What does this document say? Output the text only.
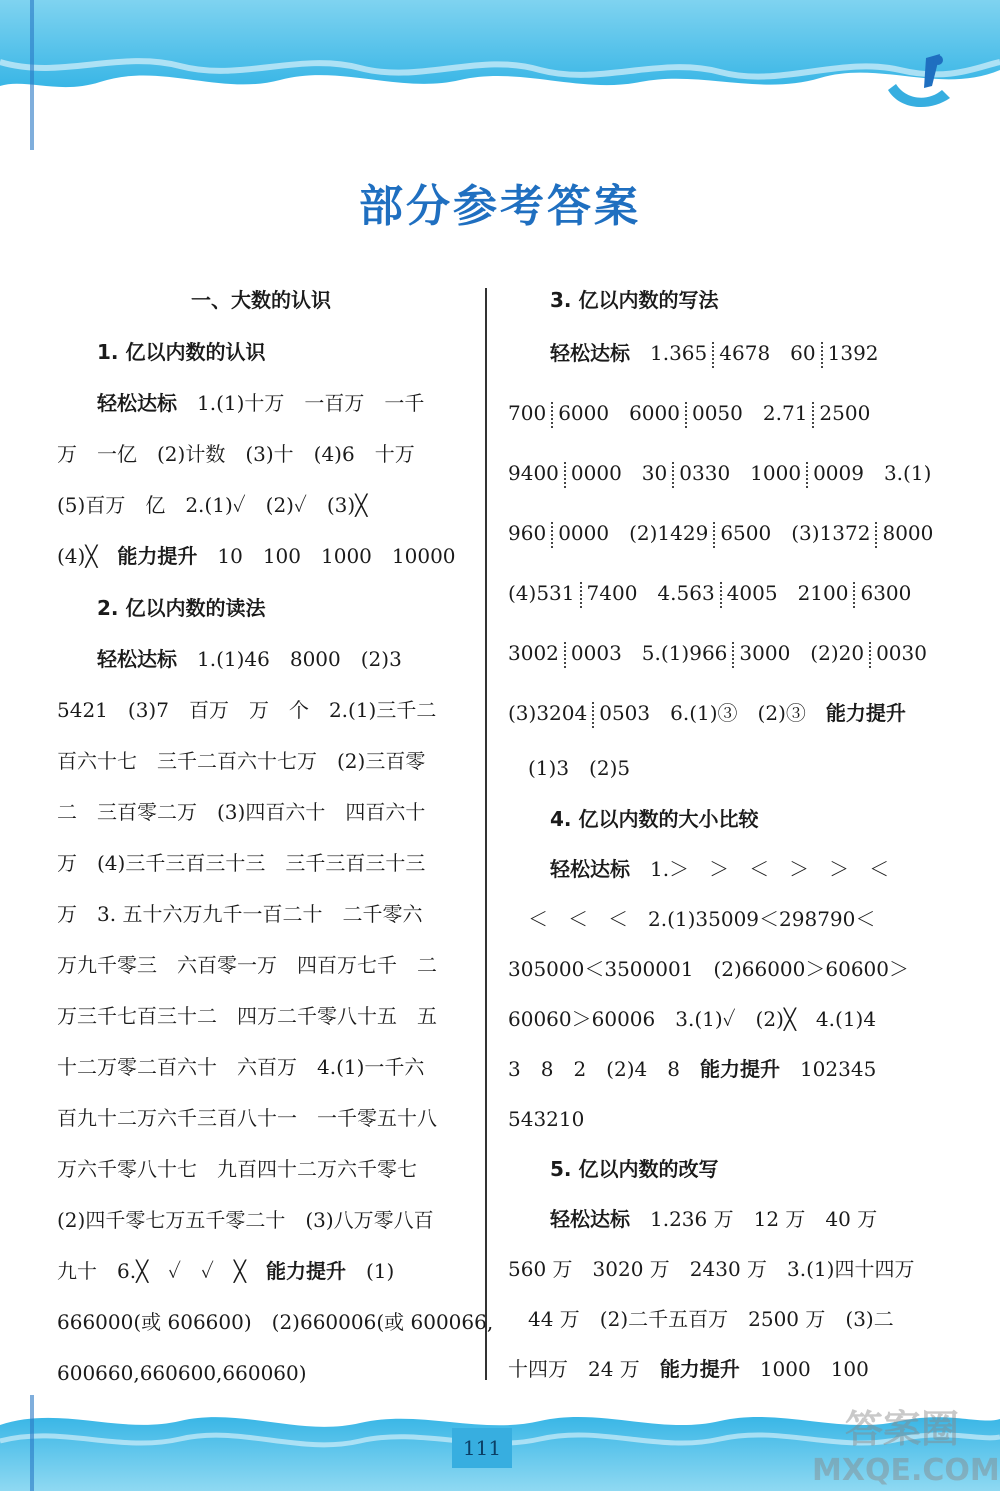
部分参考答案
一、大数的认识
1. 亿以内数的认识
轻松达标　 1.(1)十万　一百万　一千
万　一亿　(2)计数　(3)十　(4)6　十万
(5)百万　亿　2.(1)✓　(2)✓　(3)╳
(4)╳　 能力提升　 10　100　1000　10000
2. 亿以内数的读法
轻松达标　 1.(1)46　8000　(2)3
5421　(3)7　百万　万　个　2.(1)三千二
百六十七　三千二百六十七万　(2)三百零
二　三百零二万　(3)四百六十　四百六十
万　(4)三千三百三十三　三千三百三十三
万　3. 五十六万九千一百二十　二千零六
万九千零三　六百零一万　四百万七千　二
万三千七百三十二　四万二千零八十五　五
十二万零二百六十　六百万　4.(1)一千六
百九十二万六千三百八十一　一千零五十八
万六千零八十七　九百四十二万六千零七
(2)四千零七万五千零二十　(3)八万零八百
九十　6.╳　✓　✓　╳　 能力提升　 (1)
666000(或 606600)　(2)660006(或 600066,
600660,660600,660060)
3. 亿以内数的写法
轻松达标　 1.365 4678　60 1392
700 6000　6000 0050　2.71 2500
9400 0000　30 0330　1000 0009　3.(1)
960 0000　(2)1429 6500　(3)1372 8000
(4)531 7400　4.563 4005　2100 6300
3002 0003　5.(1)966 3000　(2)20 0030
(3)3204 0503　6.(1)③　(2)③　 能力提升
(1)3　(2)5
4. 亿以内数的大小比较
轻松达标　 1.＞　＞　＜　＞　＞　＜
＜　＜　＜　2.(1)35009＜298790＜
305000＜3500001　(2)66000＞60600＞
60060＞60006　3.(1)✓　(2)╳　4.(1)4
3　8　2　(2)4　8　 能力提升　 102345
543210
5. 亿以内数的改写
轻松达标　 1.236 万　12 万　40 万
560 万　3020 万　2430 万　3.(1)四十四万
44 万　(2)二千五百万　2500 万　(3)二
十四万　24 万　 能力提升　 1000　100
111	答案圈
MXQE.COM
